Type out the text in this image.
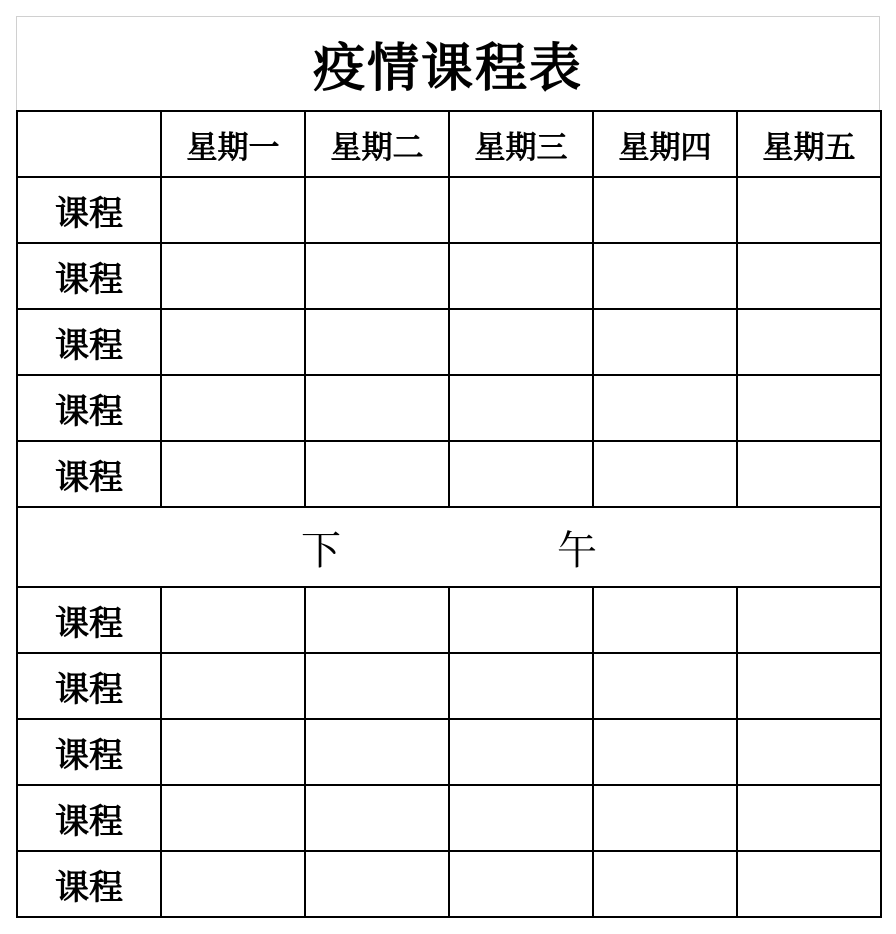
疫情课程表
	星期一	星期二	星期三	星期四	星期五
课程					
课程					
课程					
课程					
课程					
下 午					
课程					
课程					
课程					
课程					
课程					
